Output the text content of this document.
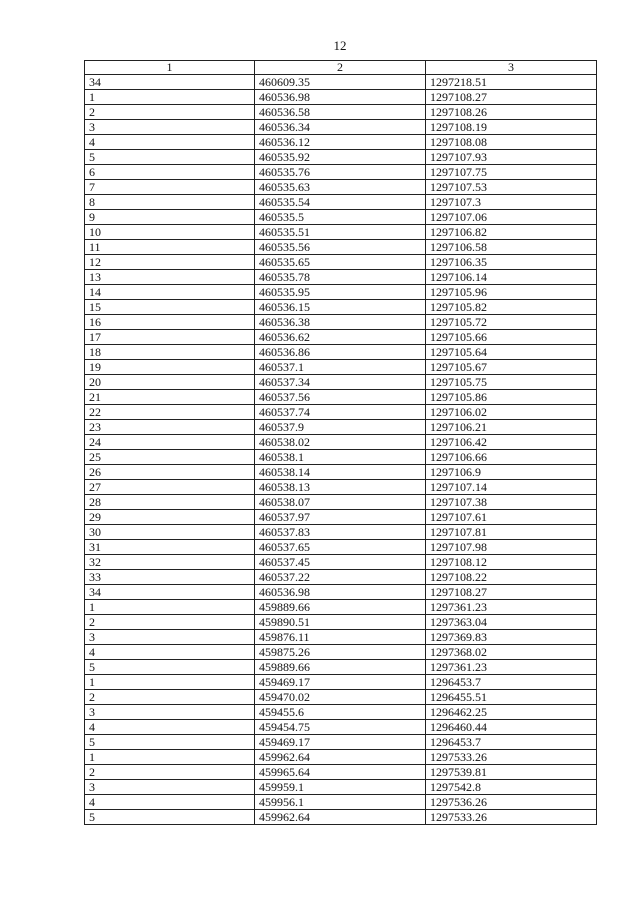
12
1	2	3
34	460609.35	1297218.51
1	460536.98	1297108.27
2	460536.58	1297108.26
3	460536.34	1297108.19
4	460536.12	1297108.08
5	460535.92	1297107.93
6	460535.76	1297107.75
7	460535.63	1297107.53
8	460535.54	1297107.3
9	460535.5	1297107.06
10	460535.51	1297106.82
11	460535.56	1297106.58
12	460535.65	1297106.35
13	460535.78	1297106.14
14	460535.95	1297105.96
15	460536.15	1297105.82
16	460536.38	1297105.72
17	460536.62	1297105.66
18	460536.86	1297105.64
19	460537.1	1297105.67
20	460537.34	1297105.75
21	460537.56	1297105.86
22	460537.74	1297106.02
23	460537.9	1297106.21
24	460538.02	1297106.42
25	460538.1	1297106.66
26	460538.14	1297106.9
27	460538.13	1297107.14
28	460538.07	1297107.38
29	460537.97	1297107.61
30	460537.83	1297107.81
31	460537.65	1297107.98
32	460537.45	1297108.12
33	460537.22	1297108.22
34	460536.98	1297108.27
1	459889.66	1297361.23
2	459890.51	1297363.04
3	459876.11	1297369.83
4	459875.26	1297368.02
5	459889.66	1297361.23
1	459469.17	1296453.7
2	459470.02	1296455.51
3	459455.6	1296462.25
4	459454.75	1296460.44
5	459469.17	1296453.7
1	459962.64	1297533.26
2	459965.64	1297539.81
3	459959.1	1297542.8
4	459956.1	1297536.26
5	459962.64	1297533.26
